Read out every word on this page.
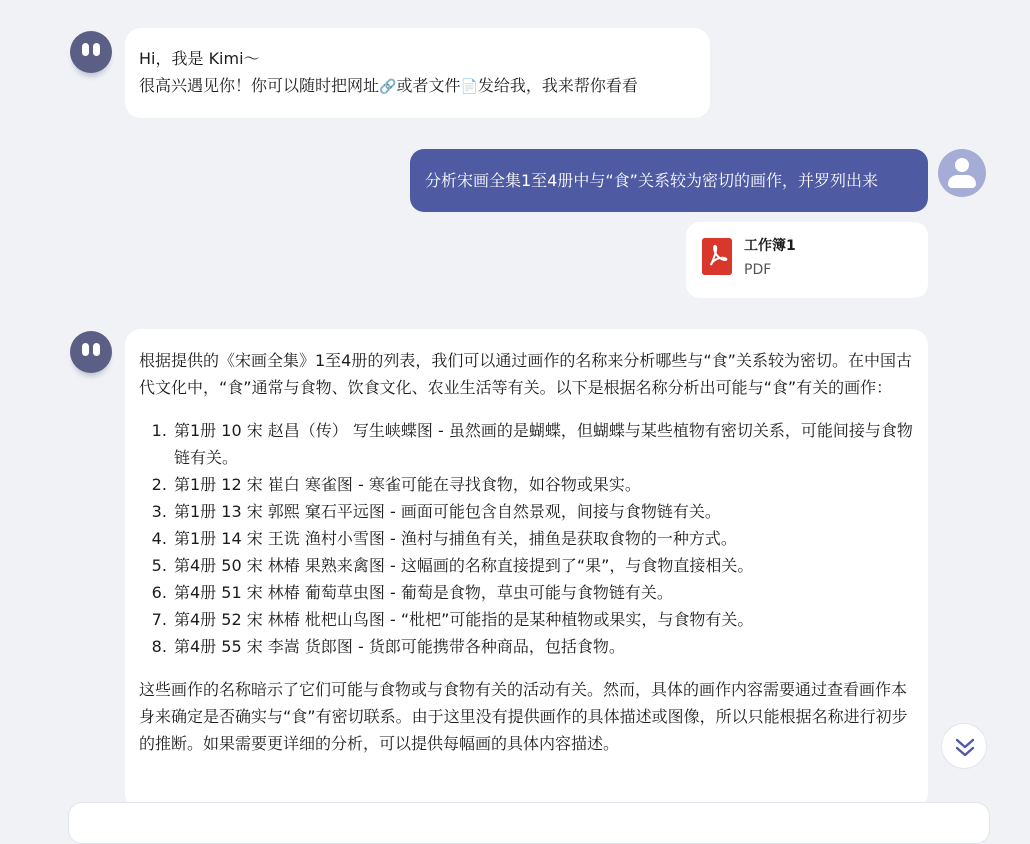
Hi，我是 Kimi～
很高兴遇见你！你可以随时把网址🔗或者文件📄发给我，我来帮你看看
分析宋画全集1至4册中与“食”关系较为密切的画作，并罗列出来
工作簿1
PDF

根据提供的《宋画全集》1至4册的列表，我们可以通过画作的名称来分析哪些与“食”关系较为密切。在中国古代文化中，“食”通常与食物、饮食文化、农业生活等有关。以下是根据名称分析出可能与“食”有关的画作：

1. 第1册 10 宋 赵昌（传） 写生峡蝶图 - 虽然画的是蝴蝶，但蝴蝶与某些植物有密切关系，可能间接与食物链有关。
2. 第1册 12 宋 崔白 寒雀图 - 寒雀可能在寻找食物，如谷物或果实。
3. 第1册 13 宋 郭熙 窠石平远图 - 画面可能包含自然景观，间接与食物链有关。
4. 第1册 14 宋 王诜 渔村小雪图 - 渔村与捕鱼有关，捕鱼是获取食物的一种方式。
5. 第4册 50 宋 林椿 果熟来禽图 - 这幅画的名称直接提到了“果”，与食物直接相关。
6. 第4册 51 宋 林椿 葡萄草虫图 - 葡萄是食物，草虫可能与食物链有关。
7. 第4册 52 宋 林椿 枇杷山鸟图 - “枇杷”可能指的是某种植物或果实，与食物有关。
8. 第4册 55 宋 李嵩 货郎图 - 货郎可能携带各种商品，包括食物。

这些画作的名称暗示了它们可能与食物或与食物有关的活动有关。然而，具体的画作内容需要通过查看画作本身来确定是否确实与“食”有密切联系。由于这里没有提供画作的具体描述或图像，所以只能根据名称进行初步的推断。如果需要更详细的分析，可以提供每幅画的具体内容描述。
